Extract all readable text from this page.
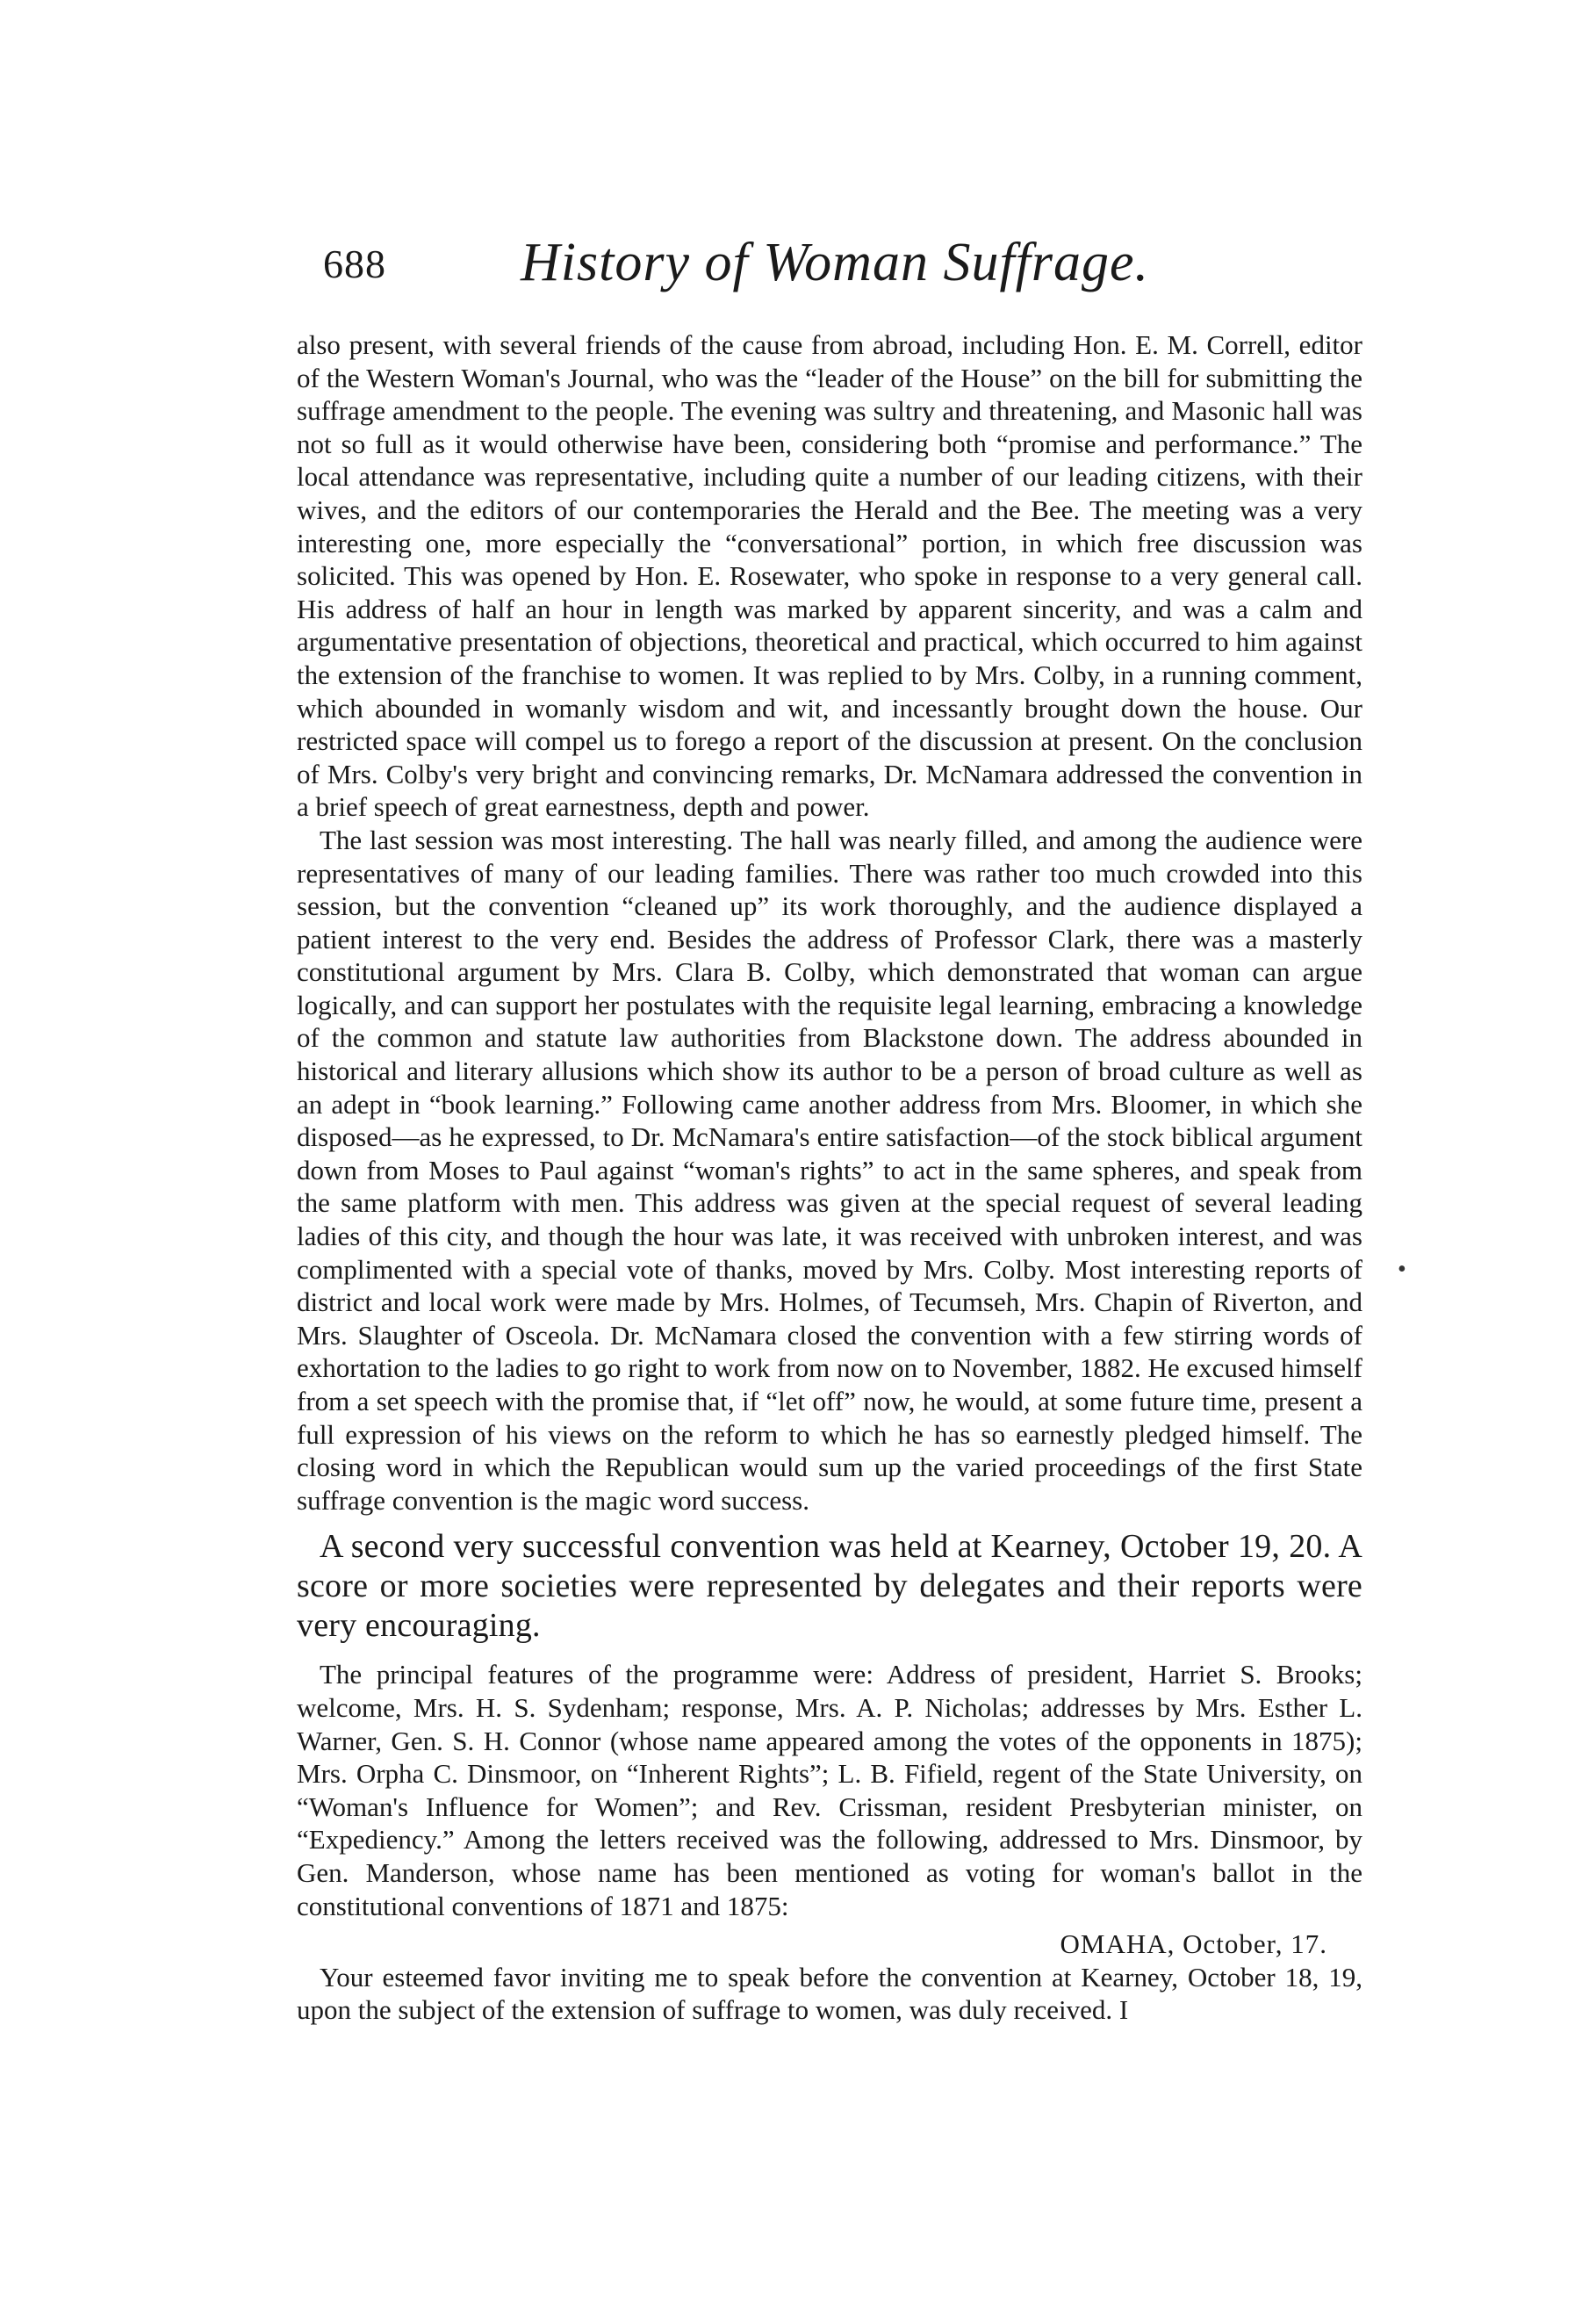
688 History of Woman Suffrage.

also present, with several friends of the cause from abroad, including Hon. E. M. Correll, editor of the Western Woman's Journal, who was the “leader of the House” on the bill for submitting the suffrage amendment to the people. The evening was sultry and threatening, and Masonic hall was not so full as it would otherwise have been, considering both “promise and performance.” The local attendance was representative, including quite a number of our leading citizens, with their wives, and the editors of our contemporaries the Herald and the Bee. The meeting was a very interesting one, more especially the “conversational” portion, in which free discussion was solicited. This was opened by Hon. E. Rosewater, who spoke in response to a very general call. His address of half an hour in length was marked by apparent sincerity, and was a calm and argumentative presentation of objections, theoretical and practical, which occurred to him against the extension of the franchise to women. It was replied to by Mrs. Colby, in a running comment, which abounded in womanly wisdom and wit, and incessantly brought down the house. Our restricted space will compel us to forego a report of the discussion at present. On the conclusion of Mrs. Colby's very bright and convincing remarks, Dr. McNamara addressed the convention in a brief speech of great earnestness, depth and power.

The last session was most interesting. The hall was nearly filled, and among the audience were representatives of many of our leading families. There was rather too much crowded into this session, but the convention “cleaned up” its work thoroughly, and the audience displayed a patient interest to the very end. Besides the address of Professor Clark, there was a masterly constitutional argument by Mrs. Clara B. Colby, which demonstrated that woman can argue logically, and can support her postulates with the requisite legal learning, embracing a knowledge of the common and statute law authorities from Blackstone down. The address abounded in historical and literary allusions which show its author to be a person of broad culture as well as an adept in “book learning.” Following came another address from Mrs. Bloomer, in which she disposed—as he expressed, to Dr. McNamara's entire satisfaction—of the stock biblical argument down from Moses to Paul against “woman's rights” to act in the same spheres, and speak from the same platform with men. This address was given at the special request of several leading ladies of this city, and though the hour was late, it was received with unbroken interest, and was complimented with a special vote of thanks, moved by Mrs. Colby. Most interesting reports of district and local work were made by Mrs. Holmes, of Tecumseh, Mrs. Chapin of Riverton, and Mrs. Slaughter of Osceola. Dr. McNamara closed the convention with a few stirring words of exhortation to the ladies to go right to work from now on to November, 1882. He excused himself from a set speech with the promise that, if “let off” now, he would, at some future time, present a full expression of his views on the reform to which he has so earnestly pledged himself. The closing word in which the Republican would sum up the varied proceedings of the first State suffrage convention is the magic word success.

A second very successful convention was held at Kearney, October 19, 20. A score or more societies were represented by delegates and their reports were very encouraging.

The principal features of the programme were: Address of president, Harriet S. Brooks; welcome, Mrs. H. S. Sydenham; response, Mrs. A. P. Nicholas; addresses by Mrs. Esther L. Warner, Gen. S. H. Connor (whose name appeared among the votes of the opponents in 1875); Mrs. Orpha C. Dinsmoor, on “Inherent Rights”; L. B. Fifield, regent of the State University, on “Woman's Influence for Women”; and Rev. Crissman, resident Presbyterian minister, on “Expediency.” Among the letters received was the following, addressed to Mrs. Dinsmoor, by Gen. Manderson, whose name has been mentioned as voting for woman's ballot in the constitutional conventions of 1871 and 1875:

OMAHA, October, 17.

Your esteemed favor inviting me to speak before the convention at Kearney, October 18, 19, upon the subject of the extension of suffrage to women, was duly received. I

•
